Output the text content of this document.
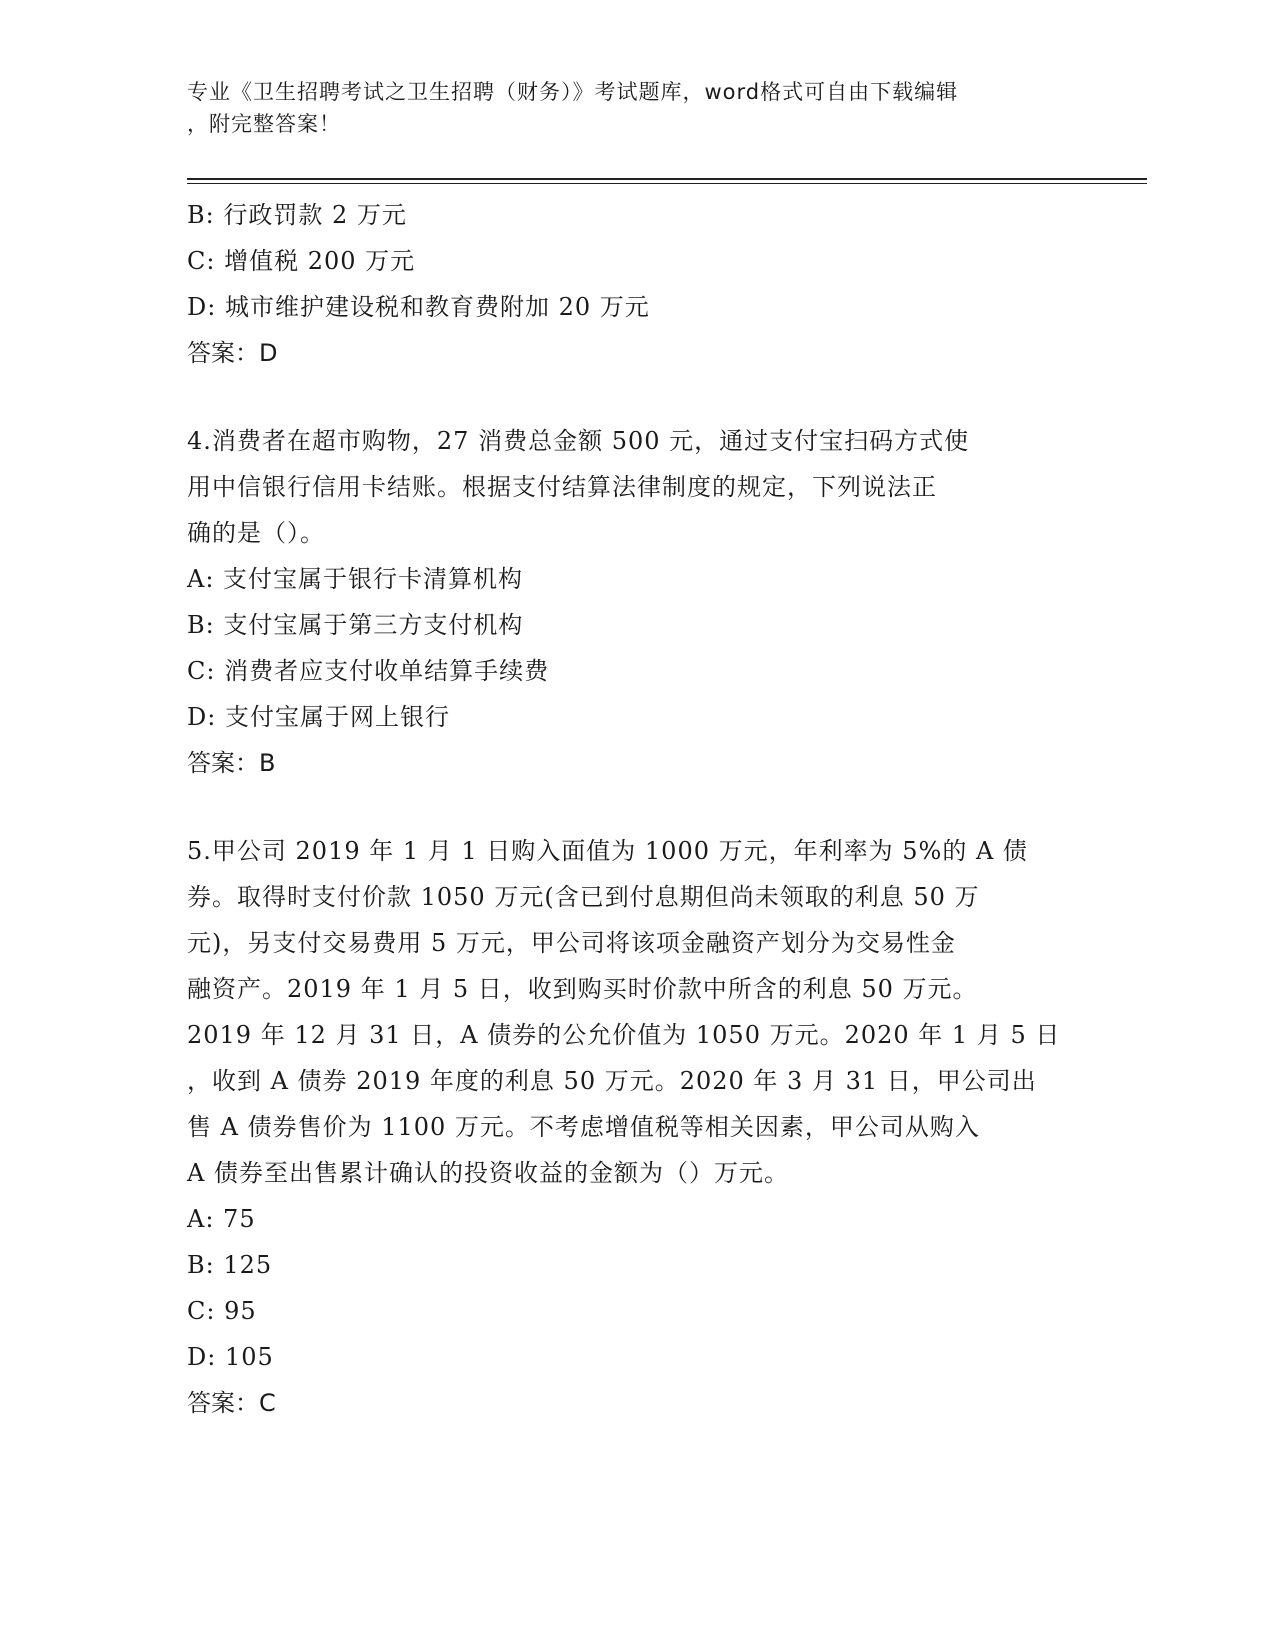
专业《卫生招聘考试之卫生招聘（财务）》考试题库，word格式可自由下载编辑
，附完整答案！
B: 行政罚款 2 万元
C: 增值税 200 万元
D: 城市维护建设税和教育费附加 20 万元
答案：D
4.消费者在超市购物，27 消费总金额 500 元，通过支付宝扫码方式使
用中信银行信用卡结账。根据支付结算法律制度的规定，下列说法正
确的是（）。
A: 支付宝属于银行卡清算机构
B: 支付宝属于第三方支付机构
C: 消费者应支付收单结算手续费
D: 支付宝属于网上银行
答案：B
5.甲公司 2019 年 1 月 1 日购入面值为 1000 万元，年利率为 5%的 A 债
券。取得时支付价款 1050 万元(含已到付息期但尚未领取的利息 50 万
元)，另支付交易费用 5 万元，甲公司将该项金融资产划分为交易性金
融资产。2019 年 1 月 5 日，收到购买时价款中所含的利息 50 万元。
2019 年 12 月 31 日，A 债券的公允价值为 1050 万元。2020 年 1 月 5 日
，收到 A 债券 2019 年度的利息 50 万元。2020 年 3 月 31 日，甲公司出
售 A 债券售价为 1100 万元。不考虑增值税等相关因素，甲公司从购入
A 债券至出售累计确认的投资收益的金额为（）万元。
A: 75
B: 125
C: 95
D: 105
答案：C
